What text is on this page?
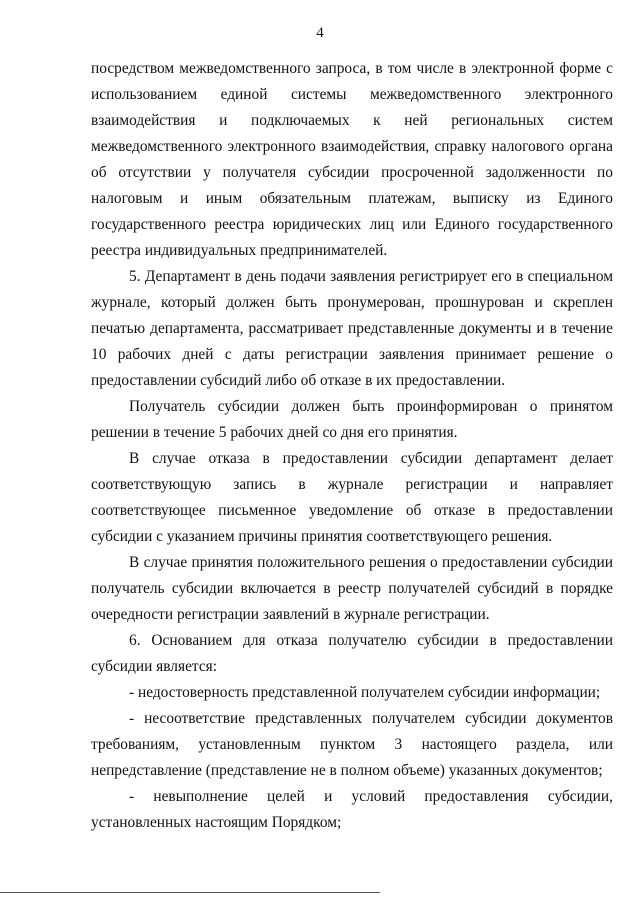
4

посредством межведомственного запроса, в том числе в электронной форме с использованием единой системы межведомственного электронного взаимодействия и подключаемых к ней региональных систем межведомственного электронного взаимодействия, справку налогового органа об отсутствии у получателя субсидии просроченной задолженности по налоговым и иным обязательным платежам, выписку из Единого государственного реестра юридических лиц или Единого государственного реестра индивидуальных предпринимателей.

5. Департамент в день подачи заявления регистрирует его в специальном журнале, который должен быть пронумерован, прошнурован и скреплен печатью департамента, рассматривает представленные документы и в течение 10 рабочих дней с даты регистрации заявления принимает решение о предоставлении субсидий либо об отказе в их предоставлении.

Получатель субсидии должен быть проинформирован о принятом решении в течение 5 рабочих дней со дня его принятия.

В случае отказа в предоставлении субсидии департамент делает соответствующую запись в журнале регистрации и направляет соответствующее письменное уведомление об отказе в предоставлении субсидии с указанием причины принятия соответствующего решения.

В случае принятия положительного решения о предоставлении субсидии получатель субсидии включается в реестр получателей субсидий в порядке очередности регистрации заявлений в журнале регистрации.

6. Основанием для отказа получателю субсидии в предоставлении субсидии является:

- недостоверность представленной получателем субсидии информации;

- несоответствие представленных получателем субсидии документов требованиям, установленным пунктом 3 настоящего раздела, или непредставление (представление не в полном объеме) указанных документов;

- невыполнение целей и условий предоставления субсидии, установленных настоящим Порядком;
